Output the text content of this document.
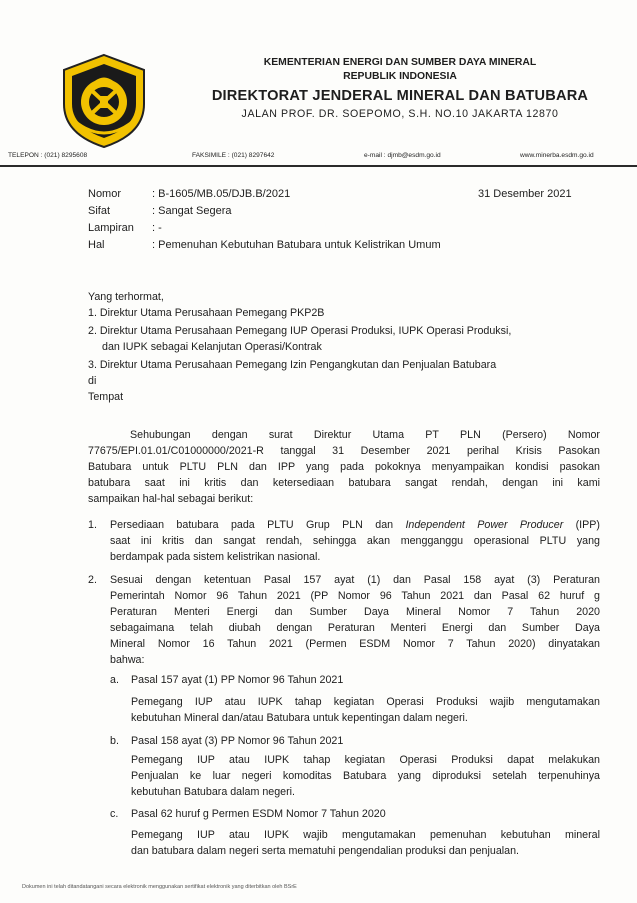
KEMENTERIAN ENERGI DAN SUMBER DAYA MINERAL
REPUBLIK INDONESIA
DIREKTORAT JENDERAL MINERAL DAN BATUBARA
JALAN PROF. DR. SOEPOMO, S.H. NO.10 JAKARTA 12870
TELEPON : (021) 8295608	FAKSIMILE : (021) 8297642	e-mail : djmb@esdm.go.id	www.minerba.esdm.go.id
Nomor	: B-1605/MB.05/DJB.B/2021	31 Desember 2021
Sifat	: Sangat Segera
Lampiran : -
Hal	: Pemenuhan Kebutuhan Batubara untuk Kelistrikan Umum
Yang terhormat,
1. Direktur Utama Perusahaan Pemegang PKP2B
2. Direktur Utama Perusahaan Pemegang IUP Operasi Produksi, IUPK Operasi Produksi,
dan IUPK sebagai Kelanjutan Operasi/Kontrak
3. Direktur Utama Perusahaan Pemegang Izin Pengangkutan dan Penjualan Batubara
di
Tempat
Sehubungan dengan surat Direktur Utama PT PLN (Persero) Nomor
77675/EPI.01.01/C01000000/2021-R tanggal 31 Desember 2021 perihal Krisis Pasokan
Batubara untuk PLTU PLN dan IPP yang pada pokoknya menyampaikan kondisi pasokan
batubara saat ini kritis dan ketersediaan batubara sangat rendah, dengan ini kami
sampaikan hal-hal sebagai berikut:
1. Persediaan batubara pada PLTU Grup PLN dan Independent Power Producer (IPP)
saat ini kritis dan sangat rendah, sehingga akan mengganggu operasional PLTU yang
berdampak pada sistem kelistrikan nasional.
2. Sesuai dengan ketentuan Pasal 157 ayat (1) dan Pasal 158 ayat (3) Peraturan
Pemerintah Nomor 96 Tahun 2021 (PP Nomor 96 Tahun 2021 dan Pasal 62 huruf g
Peraturan Menteri Energi dan Sumber Daya Mineral Nomor 7 Tahun 2020
sebagaimana telah diubah dengan Peraturan Menteri Energi dan Sumber Daya
Mineral Nomor 16 Tahun 2021 (Permen ESDM Nomor 7 Tahun 2020) dinyatakan
bahwa:
a. Pasal 157 ayat (1) PP Nomor 96 Tahun 2021
Pemegang IUP atau IUPK tahap kegiatan Operasi Produksi wajib mengutamakan
kebutuhan Mineral dan/atau Batubara untuk kepentingan dalam negeri.
b. Pasal 158 ayat (3) PP Nomor 96 Tahun 2021
Pemegang IUP atau IUPK tahap kegiatan Operasi Produksi dapat melakukan
Penjualan ke luar negeri komoditas Batubara yang diproduksi setelah terpenuhinya
kebutuhan Batubara dalam negeri.
c. Pasal 62 huruf g Permen ESDM Nomor 7 Tahun 2020
Pemegang IUP atau IUPK wajib mengutamakan pemenuhan kebutuhan mineral
dan batubara dalam negeri serta mematuhi pengendalian produksi dan penjualan.
Dokumen ini telah ditandatangani secara elektronik menggunakan sertifikat elektronik yang diterbitkan oleh BSrE
